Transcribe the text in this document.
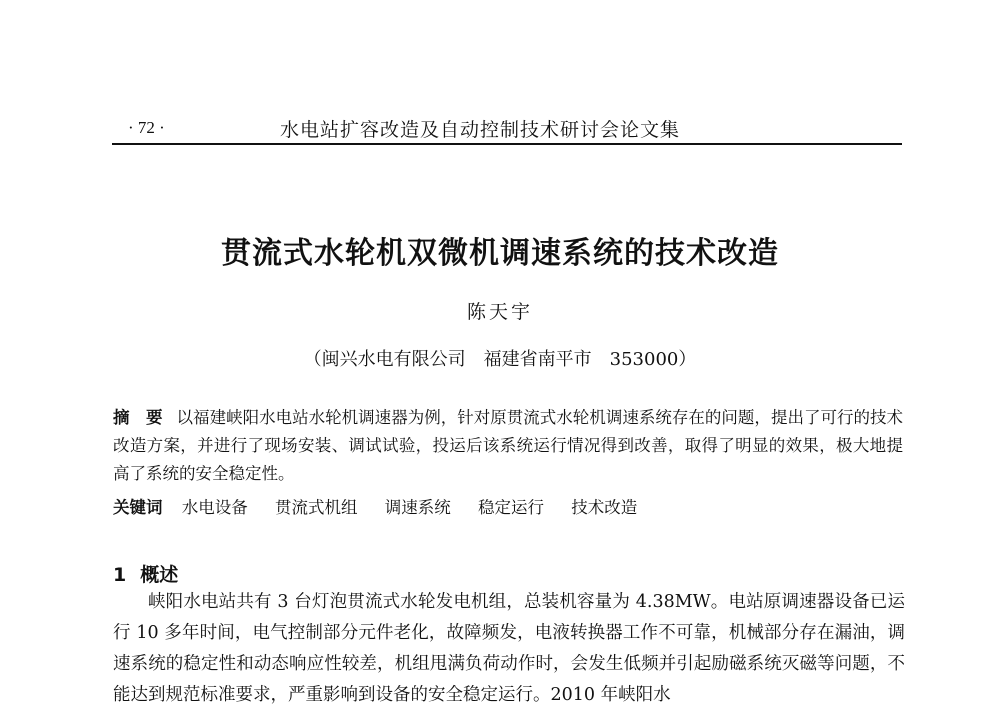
· 72 ·	水电站扩容改造及自动控制技术研讨会论文集
贯流式水轮机双微机调速系统的技术改造
陈天宇
（闽兴水电有限公司　福建省南平市　353000）

摘　要 以福建峡阳水电站水轮机调速器为例，针对原贯流式水轮机调速系统存在的问题，提出了可行的技术改造方案，并进行了现场安装、调试试验，投运后该系统运行情况得到改善，取得了明显的效果，极大地提高了系统的安全稳定性。

关键词 水电设备 贯流式机组 调速系统 稳定运行 技术改造
1 概述

峡阳水电站共有 3 台灯泡贯流式水轮发电机组，总装机容量为 4.38MW。电站原调速器设备已运行 10 多年时间，电气控制部分元件老化，故障频发，电液转换器工作不可靠，机械部分存在漏油，调速系统的稳定性和动态响应性较差，机组甩满负荷动作时，会发生低频并引起励磁系统灭磁等问题，不能达到规范标准要求，严重影响到设备的安全稳定运行。2010 年峡阳水
